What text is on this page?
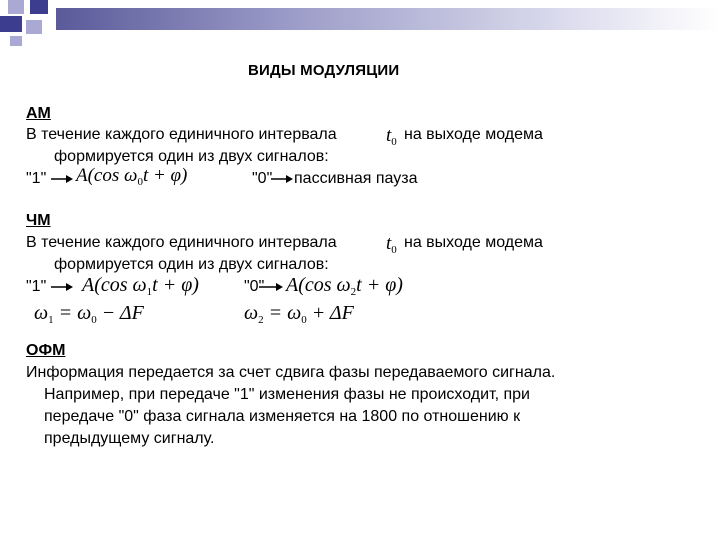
ВИДЫ МОДУЛЯЦИИ
АМ
В течение каждого единичного интервала	$t_0$ на выходе модема
формируется один из двух сигналов:
"1" A(cos $\omega_0t + \varphi$)	"0" пассивная пауза
ЧМ
В течение каждого единичного интервала	$t_0$ на выходе модема
формируется один из двух сигналов:
"1" A(cos $\omega_1t + \varphi$)	"0" A(cos $\omega_2t + \varphi$)
$\omega_1 = \omega_0 - \Delta F$	$\omega_2 = \omega_0 + \Delta F$
ОФМ
Информация передается за счет сдвига фазы передаваемого сигнала.
Например, при передаче "1" изменения фазы не происходит, при
передаче "0" фаза сигнала изменяется на 1800 по отношению к
предыдущему сигналу.
